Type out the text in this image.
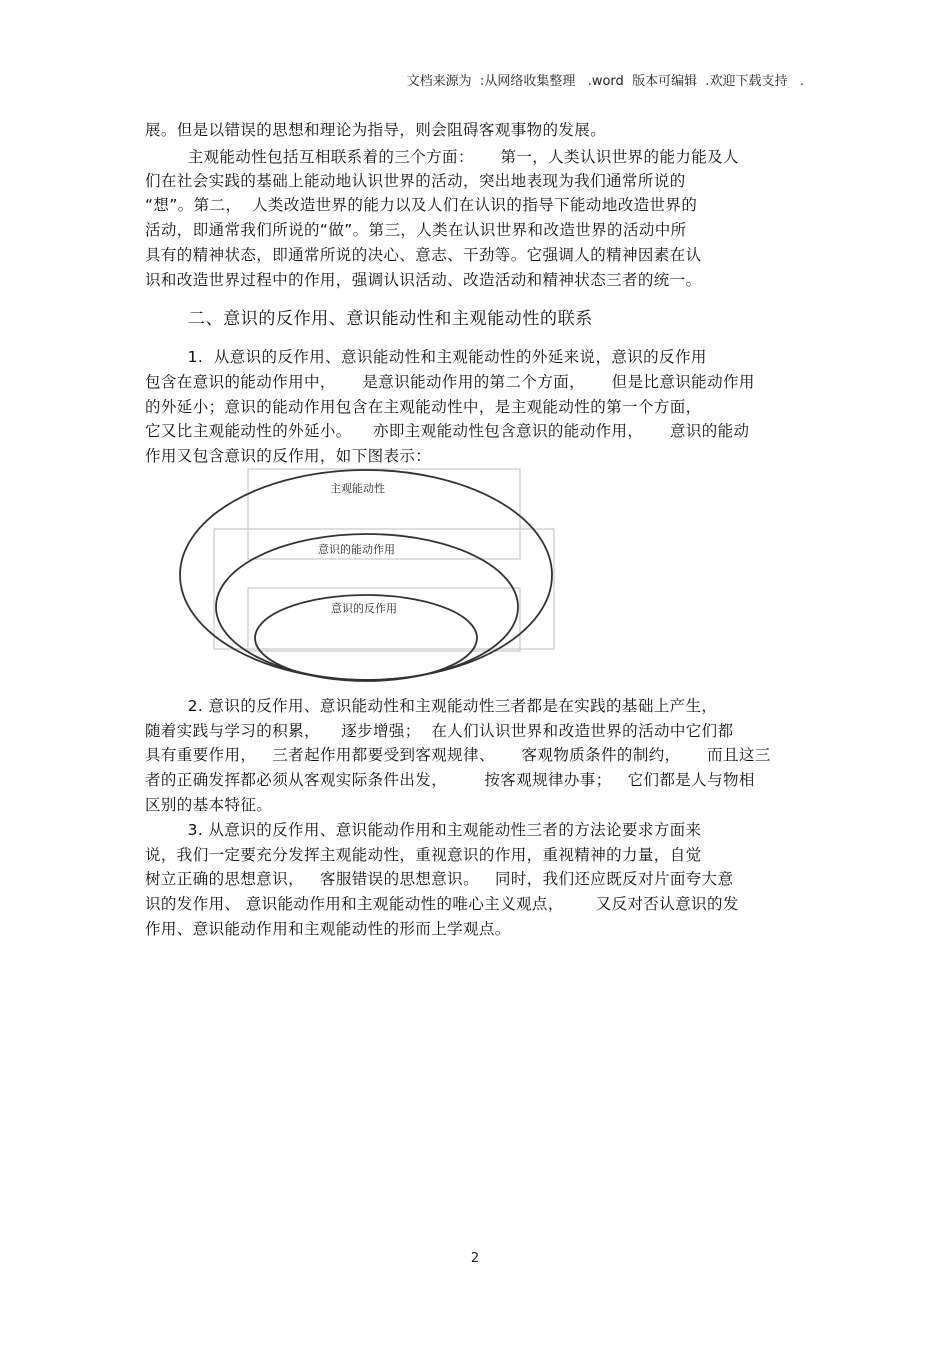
文档来源为  :从网络收集整理   .word  版本可编辑  .欢迎下载支持   .
展。但是以错误的思想和理论为指导，则会阻碍客观事物的发展。
主观能动性包括互相联系着的三个方面：     第一，人类认识世界的能力能及人
们在社会实践的基础上能动地认识世界的活动，突出地表现为我们通常所说的
“想”。第二，  人类改造世界的能力以及人们在认识的指导下能动地改造世界的
活动，即通常我们所说的“做”。第三，人类在认识世界和改造世界的活动中所
具有的精神状态，即通常所说的决心、意志、干劲等。它强调人的精神因素在认
识和改造世界过程中的作用，强调认识活动、改造活动和精神状态三者的统一。
二、意识的反作用、意识能动性和主观能动性的联系
1.  从意识的反作用、意识能动性和主观能动性的外延来说，意识的反作用
包含在意识的能动作用中，     是意识能动作用的第二个方面，     但是比意识能动作用
的外延小；意识的能动作用包含在主观能动性中，是主观能动性的第一个方面，
它又比主观能动性的外延小。    亦即主观能动性包含意识的能动作用，     意识的能动
作用又包含意识的反作用，如下图表示：
主观能动性
意识的能动作用
意识的反作用
2. 意识的反作用、意识能动性和主观能动性三者都是在实践的基础上产生，
随着实践与学习的积累，    逐步增强；  在人们认识世界和改造世界的活动中它们都
具有重要作用，   三者起作用都要受到客观规律、     客观物质条件的制约，     而且这三
者的正确发挥都必须从客观实际条件出发，       按客观规律办事；   它们都是人与物相
区别的基本特征。
3. 从意识的反作用、意识能动作用和主观能动性三者的方法论要求方面来
说，我们一定要充分发挥主观能动性，重视意识的作用，重视精神的力量，自觉
树立正确的思想意识，   客服错误的思想意识。   同时，我们还应既反对片面夸大意
识的发作用、 意识能动作用和主观能动性的唯心主义观点，      又反对否认意识的发
作用、意识能动作用和主观能动性的形而上学观点。
2
